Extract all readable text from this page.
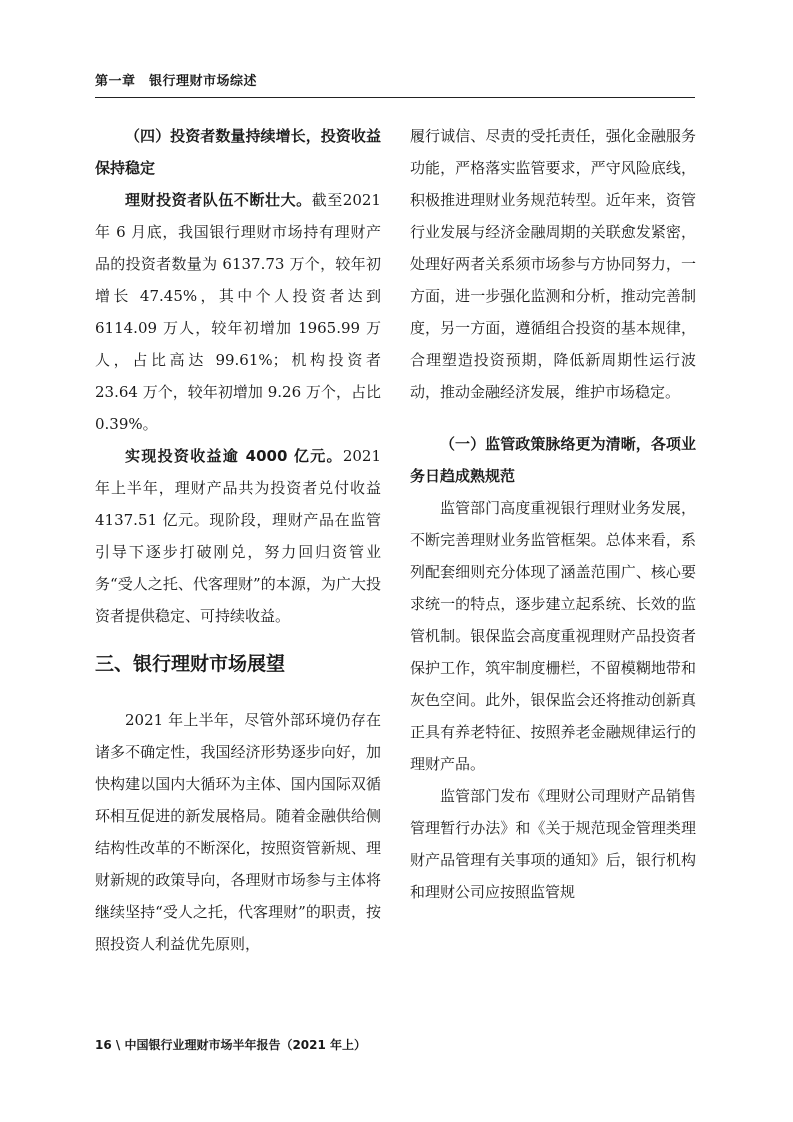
第一章　银行理财市场综述

（四）投资者数量持续增长，投资收益保持稳定

理财投资者队伍不断壮大。截至2021 年 6 月底，我国银行理财市场持有理财产品的投资者数量为 6137.73 万个，较年初增长 47.45%，其中个人投资者达到 6114.09 万人，较年初增加 1965.99 万人，占比高达 99.61%；机构投资者 23.64 万个，较年初增加 9.26 万个，占比 0.39%。

实现投资收益逾 4000 亿元。2021 年上半年，理财产品共为投资者兑付收益 4137.51 亿元。现阶段，理财产品在监管引导下逐步打破刚兑，努力回归资管业务“受人之托、代客理财”的本源，为广大投资者提供稳定、可持续收益。

三、银行理财市场展望

2021 年上半年，尽管外部环境仍存在诸多不确定性，我国经济形势逐步向好，加快构建以国内大循环为主体、国内国际双循环相互促进的新发展格局。随着金融供给侧结构性改革的不断深化，按照资管新规、理财新规的政策导向，各理财市场参与主体将继续坚持“受人之托，代客理财”的职责，按照投资人利益优先原则，

履行诚信、尽责的受托责任，强化金融服务功能，严格落实监管要求，严守风险底线，积极推进理财业务规范转型。近年来，资管行业发展与经济金融周期的关联愈发紧密，处理好两者关系须市场参与方协同努力，一方面，进一步强化监测和分析，推动完善制度，另一方面，遵循组合投资的基本规律，合理塑造投资预期，降低新周期性运行波动，推动金融经济发展，维护市场稳定。

（一）监管政策脉络更为清晰，各项业务日趋成熟规范

监管部门高度重视银行理财业务发展，不断完善理财业务监管框架。总体来看，系列配套细则充分体现了涵盖范围广、核心要求统一的特点，逐步建立起系统、长效的监管机制。银保监会高度重视理财产品投资者保护工作，筑牢制度栅栏，不留模糊地带和灰色空间。此外，银保监会还将推动创新真正具有养老特征、按照养老金融规律运行的理财产品。

监管部门发布《理财公司理财产品销售管理暂行办法》和《关于规范现金管理类理财产品管理有关事项的通知》后，银行机构和理财公司应按照监管规

16 \ 中国银行业理财市场半年报告（2021 年上）
